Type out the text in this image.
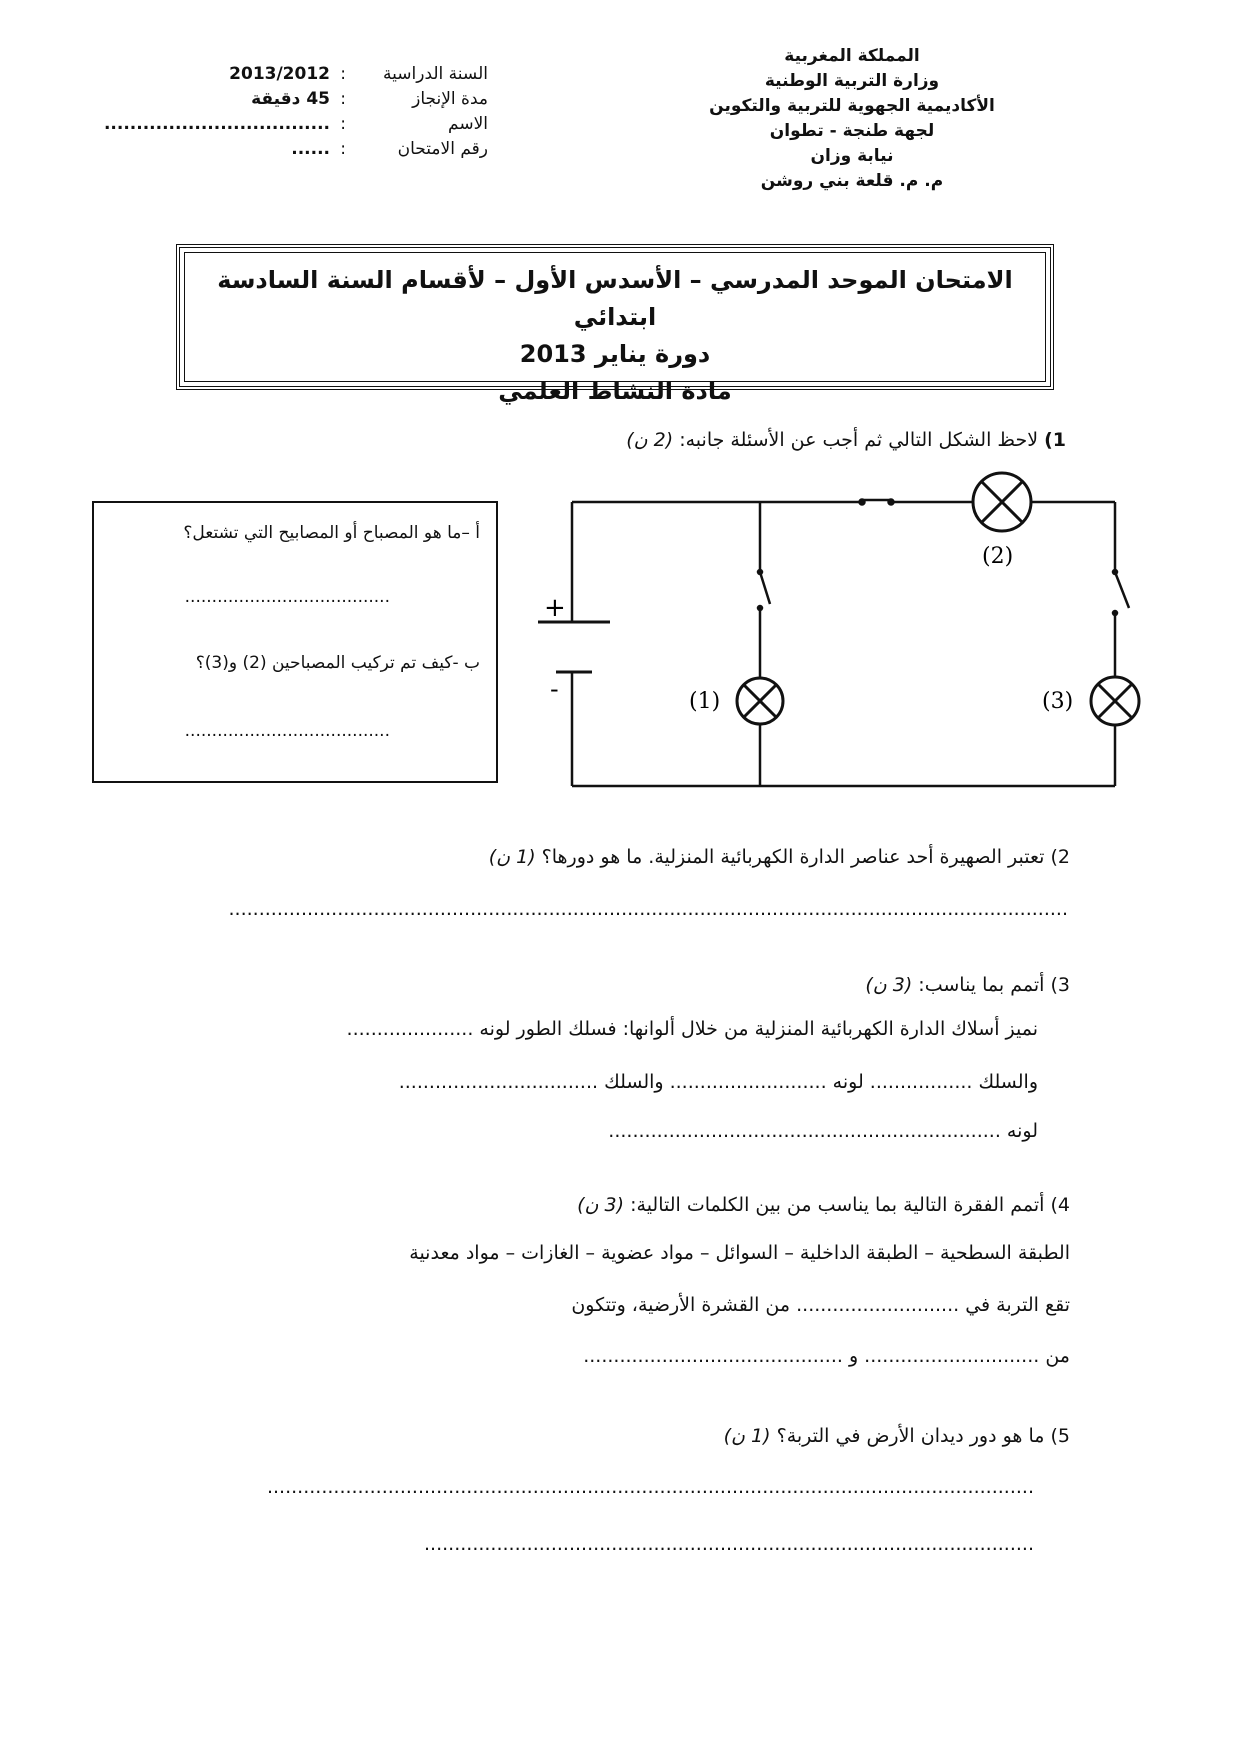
المملكة المغربية
وزارة التربية الوطنية
الأكاديمية الجهوية للتربية والتكوين
لجهة طنجة - تطوان
نيابة وزان
م. م. قلعة بني روشن
السنة الدراسية
:
2013/2012
مدة الإنجاز
:
45 دقيقة
الاسم
:
...................................
رقم الامتحان
:
......
الامتحان الموحد المدرسي – الأسدس الأول – لأقسام السنة السادسة ابتدائي
دورة يناير 2013
مادة النشاط العلمي
1) لاحظ الشكل التالي ثم أجب عن الأسئلة جانبه: (2 ن)
أ –ما هو المصباح أو المصابيح التي تشتعل؟
......................................
ب -كيف تم تركيب المصباحين (2) و(3)؟
......................................
+
-	(1)
(2)
(3)
2) تعتبر الصهيرة أحد عناصر الدارة الكهربائية المنزلية. ما هو دورها؟ (1 ن)
...........................................................................................................................................
3) أتمم بما يناسب: (3 ن)
نميز أسلاك الدارة الكهربائية المنزلية من خلال ألوانها: فسلك الطور لونه .....................
والسلك ................. لونه .......................... والسلك .................................
لونه .................................................................
4) أتمم الفقرة التالية بما يناسب من بين الكلمات التالية: (3 ن)
الطبقة السطحية – الطبقة الداخلية – السوائل – مواد عضوية – الغازات – مواد معدنية
تقع التربة في ........................... من القشرة الأرضية، وتتكون
من ............................. و ...........................................
5) ما هو دور ديدان الأرض في التربة؟ (1 ن)
...............................................................................................................................
.....................................................................................................
